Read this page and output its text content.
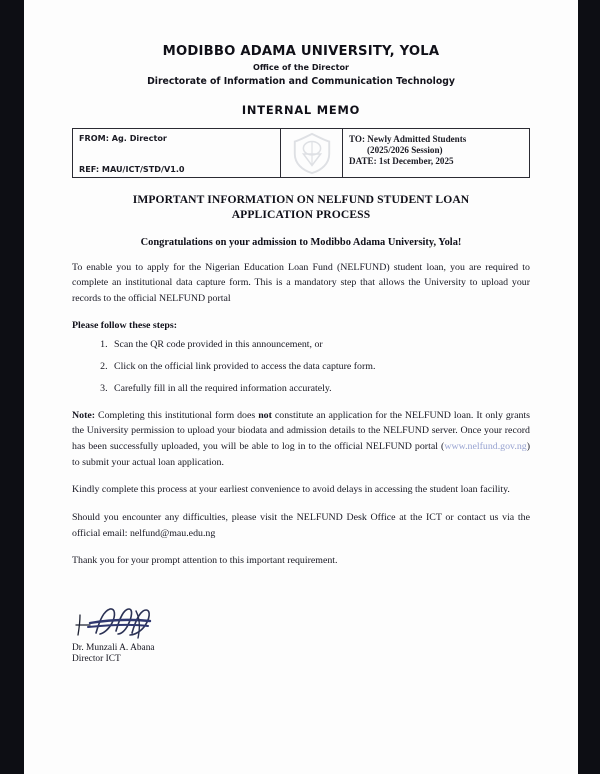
MODIBBO ADAMA UNIVERSITY, YOLA
Office of the Director
Directorate of Information and Communication Technology
INTERNAL MEMO
FROM: Ag. Director
REF: MAU/ICT/STD/V1.0
TO: Newly Admitted Students
(2025/2026 Session)
DATE: 1st December, 2025
IMPORTANT INFORMATION ON NELFUND STUDENT LOAN
APPLICATION PROCESS
Congratulations on your admission to Modibbo Adama University, Yola!

To enable you to apply for the Nigerian Education Loan Fund (NELFUND) student loan, you are required to complete an institutional data capture form. This is a mandatory step that allows the University to upload your records to the official NELFUND portal

Please follow these steps:
1. Scan the QR code provided in this announcement, or
2. Click on the official link provided to access the data capture form.
3. Carefully fill in all the required information accurately.

Note: Completing this institutional form does not constitute an application for the NELFUND loan. It only grants the University permission to upload your biodata and admission details to the NELFUND server. Once your record has been successfully uploaded, you will be able to log in to the official NELFUND portal (www.nelfund.gov.ng) to submit your actual loan application.

Kindly complete this process at your earliest convenience to avoid delays in accessing the student loan facility.

Should you encounter any difficulties, please visit the NELFUND Desk Office at the ICT or contact us via the official email: nelfund@mau.edu.ng

Thank you for your prompt attention to this important requirement.

Dr. Munzali A. Abana
Director ICT
